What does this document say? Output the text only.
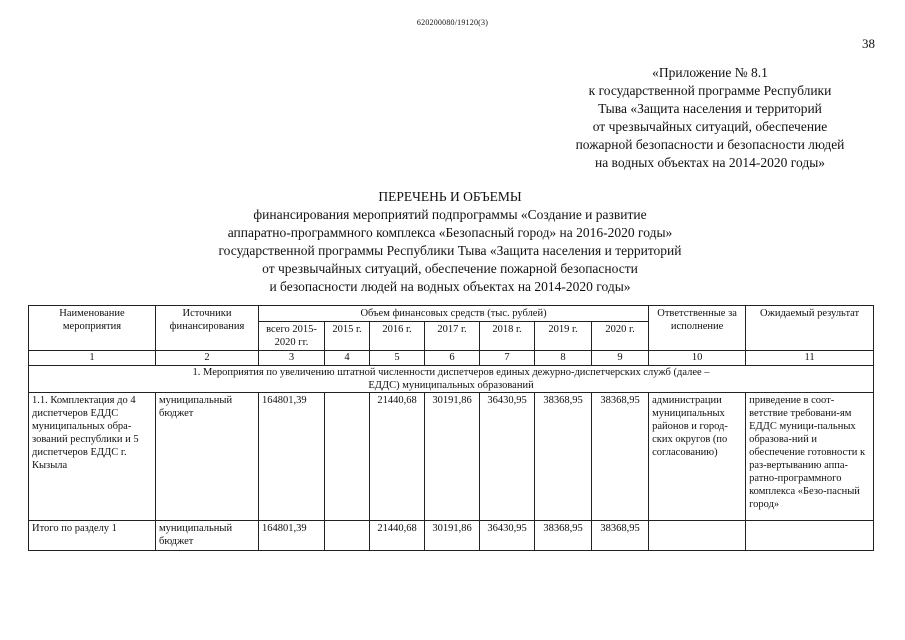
620200080/19120(3)
38
«Приложение № 8.1
к государственной программе Республики
Тыва «Защита населения и территорий
от чрезвычайных ситуаций, обеспечение
пожарной безопасности и безопасности людей
на водных объектах на 2014-2020 годы»
ПЕРЕЧЕНЬ И ОБЪЕМЫ
финансирования мероприятий подпрограммы «Создание и развитие
аппаратно-программного комплекса «Безопасный город» на 2016-2020 годы»
государственной программы Республики Тыва «Защита населения и территорий
от чрезвычайных ситуаций, обеспечение пожарной безопасности
и безопасности людей на водных объектах на 2014-2020 годы»
Наименование мероприятия	Источники финансирования	Объем финансовых средств (тыс. рублей)							Ответственные за исполнение	Ожидаемый результат
		всего 2015-2020 гг.	2015 г.	2016 г.	2017 г.	2018 г.	2019 г.	2020 г.		
1	2	3	4	5	6	7	8	9	10	11
1. Мероприятия по увеличению штатной численности диспетчеров единых дежурно-диспетчерских служб (далее – ЕДДС) муниципальных образований										
1.1. Комплектация до 4 диспетчеров ЕДДС муниципальных обра-зований республики и 5 диспетчеров ЕДДС г. Кызыла	муниципальный бюджет	164801,39		21440,68	30191,86	36430,95	38368,95	38368,95	администрации муниципальных районов и город-ских округов (по согласованию)	приведение в соот-ветствие требовани-ям ЕДДС муници-пальных образова-ний и обеспечение готовности к раз-вертыванию аппа-ратно-программного комплекса «Безо-пасный город»
Итого по разделу 1	муниципальный бюджет	164801,39		21440,68	30191,86	36430,95	38368,95	38368,95		
